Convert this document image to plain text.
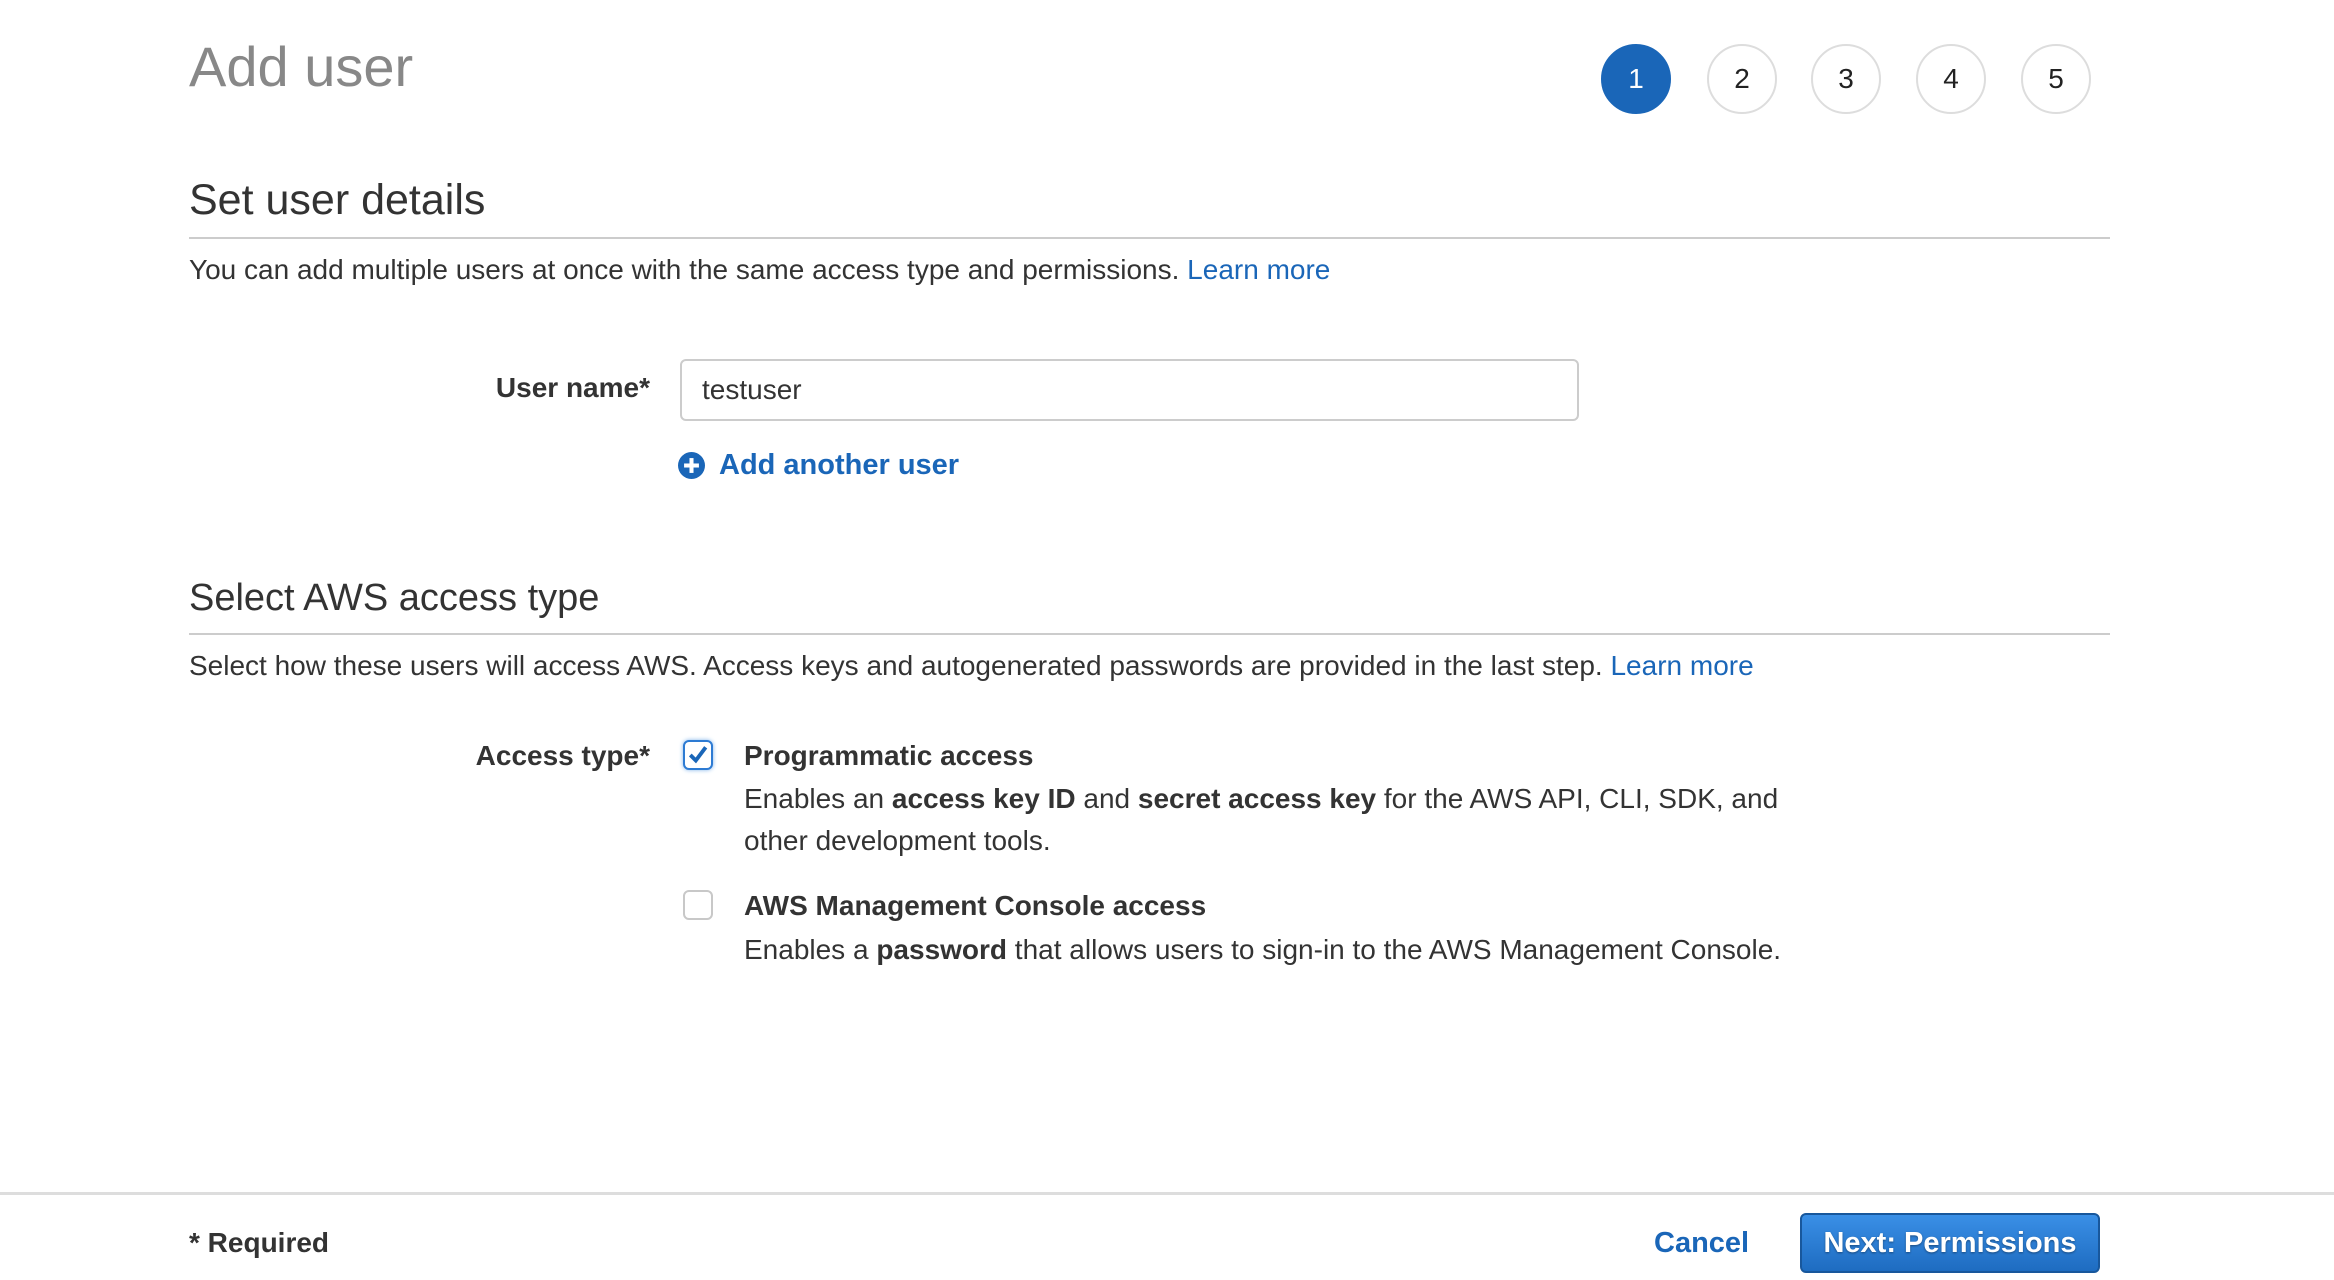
Add user	1	2	3	4	5
Set user details
You can add multiple users at once with the same access type and permissions. Learn more
User name*
testuser
Add another user
Select AWS access type
Select how these users will access AWS. Access keys and autogenerated passwords are provided in the last step. Learn more
Access type*	Programmatic access
Enables an access key ID and secret access key for the AWS API, CLI, SDK, and other development tools.
AWS Management Console access
Enables a password that allows users to sign-in to the AWS Management Console.
* Required	Cancel	Next: Permissions
